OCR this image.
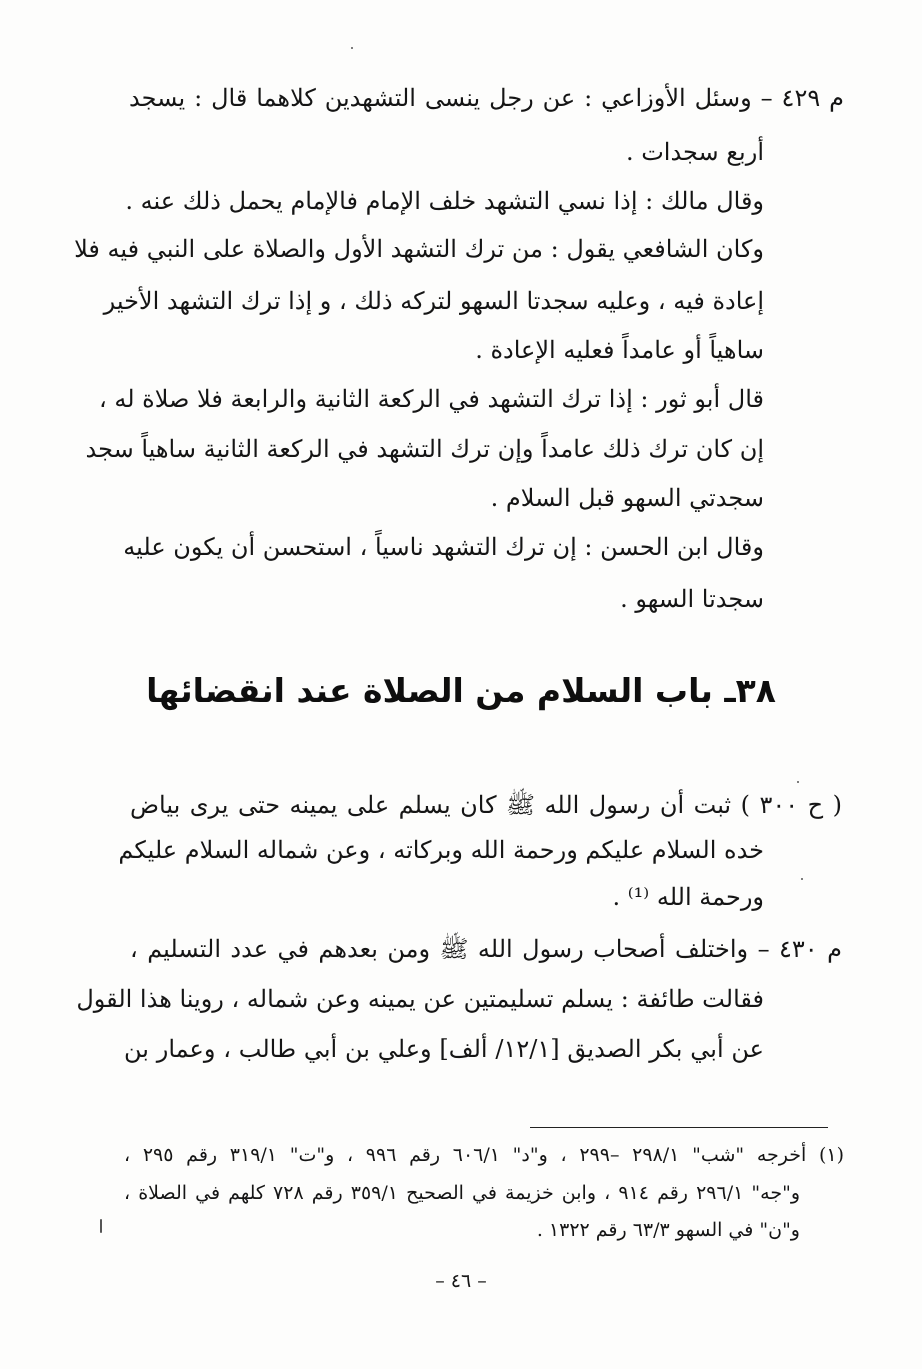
م ٤٢٩ – وسئل الأوزاعي : عن رجل ينسى التشهدين كلاهما قال : يسجد
أربع سجدات .
وقال مالك : إذا نسي التشهد خلف الإمام فالإمام يحمل ذلك عنه .
وكان الشافعي يقول : من ترك التشهد الأول والصلاة على النبي فيه فلا
إعادة فيه ، وعليه سجدتا السهو لتركه ذلك ، و إذا ترك التشهد الأخير
ساهياً أو عامداً فعليه الإعادة .
قال أبو ثور : إذا ترك التشهد في الركعة الثانية والرابعة فلا صلاة له ،
إن كان ترك ذلك عامداً وإن ترك التشهد في الركعة الثانية ساهياً سجد
سجدتي السهو قبل السلام .
وقال ابن الحسن : إن ترك التشهد ناسياً ، استحسن أن يكون عليه
سجدتا السهو .
٣٨ـ باب السلام من الصلاة عند انقضائها
( ح ٣٠٠ ) ثبت أن رسول الله ﷺ كان يسلم على يمينه حتى يرى بياض
خده السلام عليكم ورحمة الله وبركاته ، وعن شماله السلام عليكم
ورحمة الله ⁽¹⁾ .
م ٤٣٠ – واختلف أصحاب رسول الله ﷺ ومن بعدهم في عدد التسليم ،
فقالت طائفة : يسلم تسليمتين عن يمينه وعن شماله ، روينا هذا القول
عن أبي بكر الصديق [١٢/١/ ألف] وعلي بن أبي طالب ، وعمار بن
(١) أخرجه "شب" ٢٩٨/١ –٢٩٩ ، و"د" ٦٠٦/١ رقم ٩٩٦ ، و"ت" ٣١٩/١ رقم ٢٩٥ ،
و"جه" ٢٩٦/١ رقم ٩١٤ ، وابن خزيمة في الصحيح ٣٥٩/١ رقم ٧٢٨ كلهم في الصلاة ،
و"ن" في السهو ٦٣/٣ رقم ١٣٢٢ .
– ٤٦ –
